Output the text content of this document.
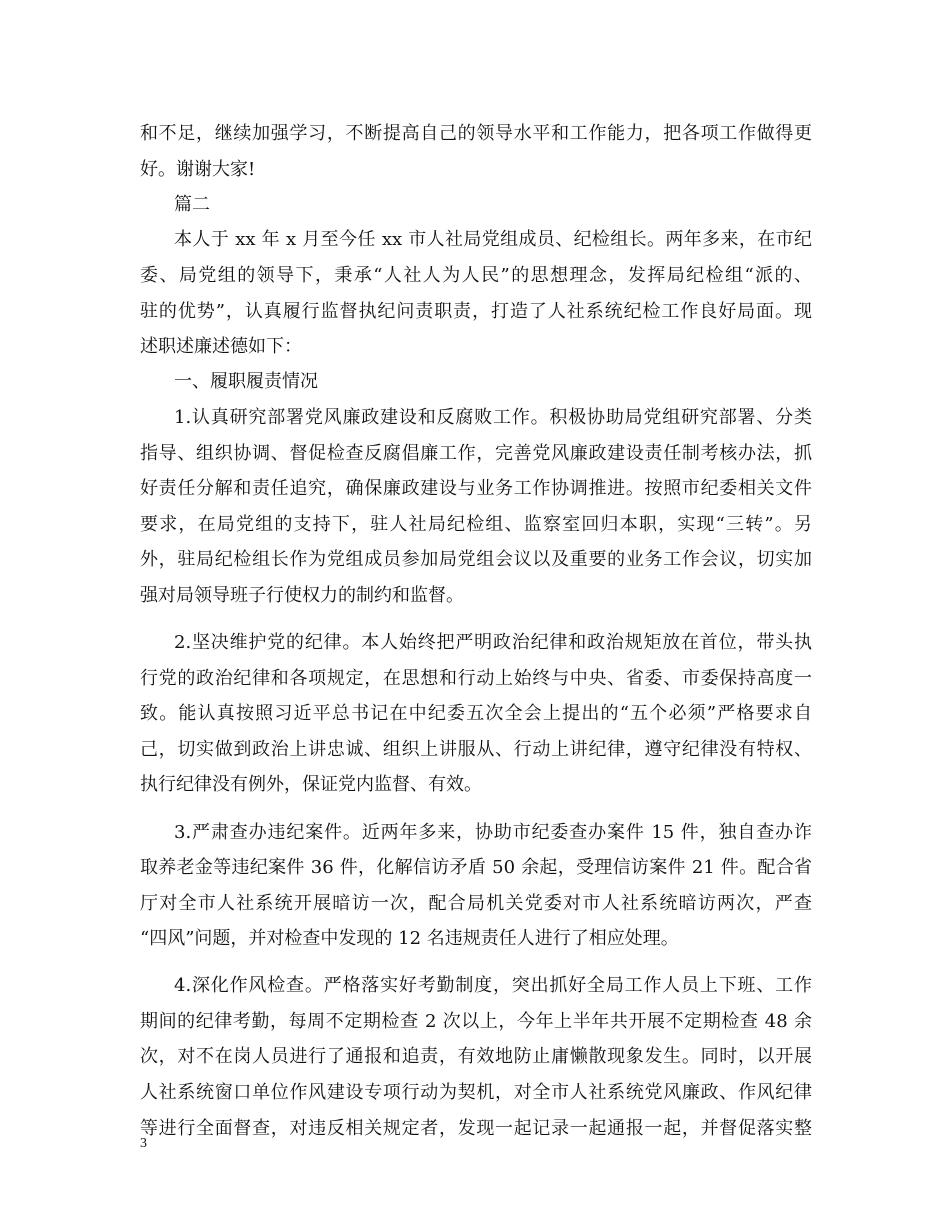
和不足，继续加强学习，不断提高自己的领导水平和工作能力，把各项工作做得更
好。谢谢大家!
篇二
本人于 xx 年 x 月至今任 xx 市人社局党组成员、纪检组长。两年多来，在市纪
委、局党组的领导下，秉承“人社人为人民”的思想理念，发挥局纪检组“派的、
驻的优势”，认真履行监督执纪问责职责，打造了人社系统纪检工作良好局面。现
述职述廉述德如下：
一、履职履责情况
1.认真研究部署党风廉政建设和反腐败工作。积极协助局党组研究部署、分类
指导、组织协调、督促检查反腐倡廉工作，完善党风廉政建设责任制考核办法，抓
好责任分解和责任追究，确保廉政建设与业务工作协调推进。按照市纪委相关文件
要求，在局党组的支持下，驻人社局纪检组、监察室回归本职，实现“三转”。另
外，驻局纪检组长作为党组成员参加局党组会议以及重要的业务工作会议，切实加
强对局领导班子行使权力的制约和监督。
2.坚决维护党的纪律。本人始终把严明政治纪律和政治规矩放在首位，带头执
行党的政治纪律和各项规定，在思想和行动上始终与中央、省委、市委保持高度一
致。能认真按照习近平总书记在中纪委五次全会上提出的“五个必须”严格要求自
己，切实做到政治上讲忠诚、组织上讲服从、行动上讲纪律，遵守纪律没有特权、
执行纪律没有例外，保证党内监督、有效。
3.严肃查办违纪案件。近两年多来，协助市纪委查办案件 15 件，独自查办诈
取养老金等违纪案件 36 件，化解信访矛盾 50 余起，受理信访案件 21 件。配合省
厅对全市人社系统开展暗访一次，配合局机关党委对市人社系统暗访两次，严查
“四风”问题，并对检查中发现的 12 名违规责任人进行了相应处理。
4.深化作风检查。严格落实好考勤制度，突出抓好全局工作人员上下班、工作
期间的纪律考勤，每周不定期检查 2 次以上，今年上半年共开展不定期检查 48 余
次，对不在岗人员进行了通报和追责，有效地防止庸懒散现象发生。同时，以开展
人社系统窗口单位作风建设专项行动为契机，对全市人社系统党风廉政、作风纪律
等进行全面督查，对违反相关规定者，发现一起记录一起通报一起，并督促落实整
3
